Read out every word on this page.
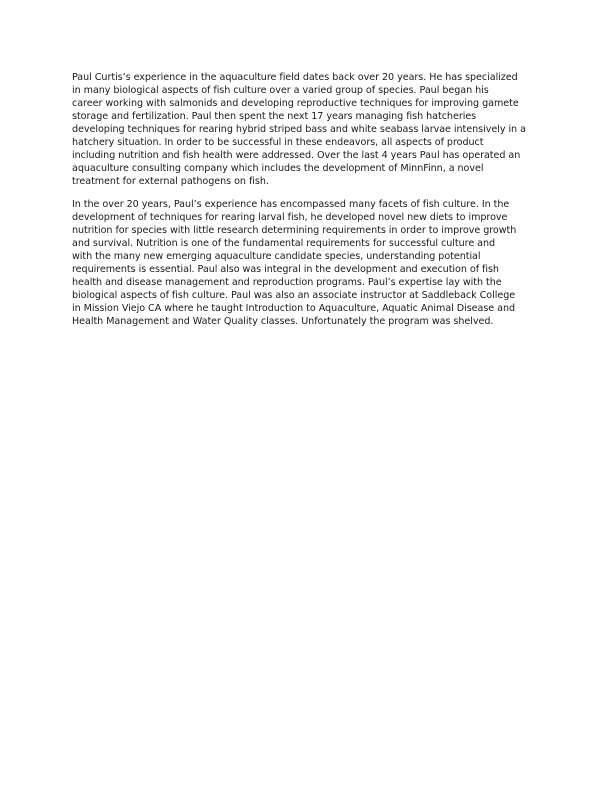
Paul Curtis’s experience in the aquaculture field dates back over 20 years. He has specialized
in many biological aspects of fish culture over a varied group of species. Paul began his
career working with salmonids and developing reproductive techniques for improving gamete
storage and fertilization. Paul then spent the next 17 years managing fish hatcheries
developing techniques for rearing hybrid striped bass and white seabass larvae intensively in a
hatchery situation. In order to be successful in these endeavors, all aspects of product
including nutrition and fish health were addressed. Over the last 4 years Paul has operated an
aquaculture consulting company which includes the development of MinnFinn, a novel
treatment for external pathogens on fish.

In the over 20 years, Paul’s experience has encompassed many facets of fish culture. In the
development of techniques for rearing larval fish, he developed novel new diets to improve
nutrition for species with little research determining requirements in order to improve growth
and survival. Nutrition is one of the fundamental requirements for successful culture and
with the many new emerging aquaculture candidate species, understanding potential
requirements is essential. Paul also was integral in the development and execution of fish
health and disease management and reproduction programs. Paul’s expertise lay with the
biological aspects of fish culture. Paul was also an associate instructor at Saddleback College
in Mission Viejo CA where he taught Introduction to Aquaculture, Aquatic Animal Disease and
Health Management and Water Quality classes. Unfortunately the program was shelved.
